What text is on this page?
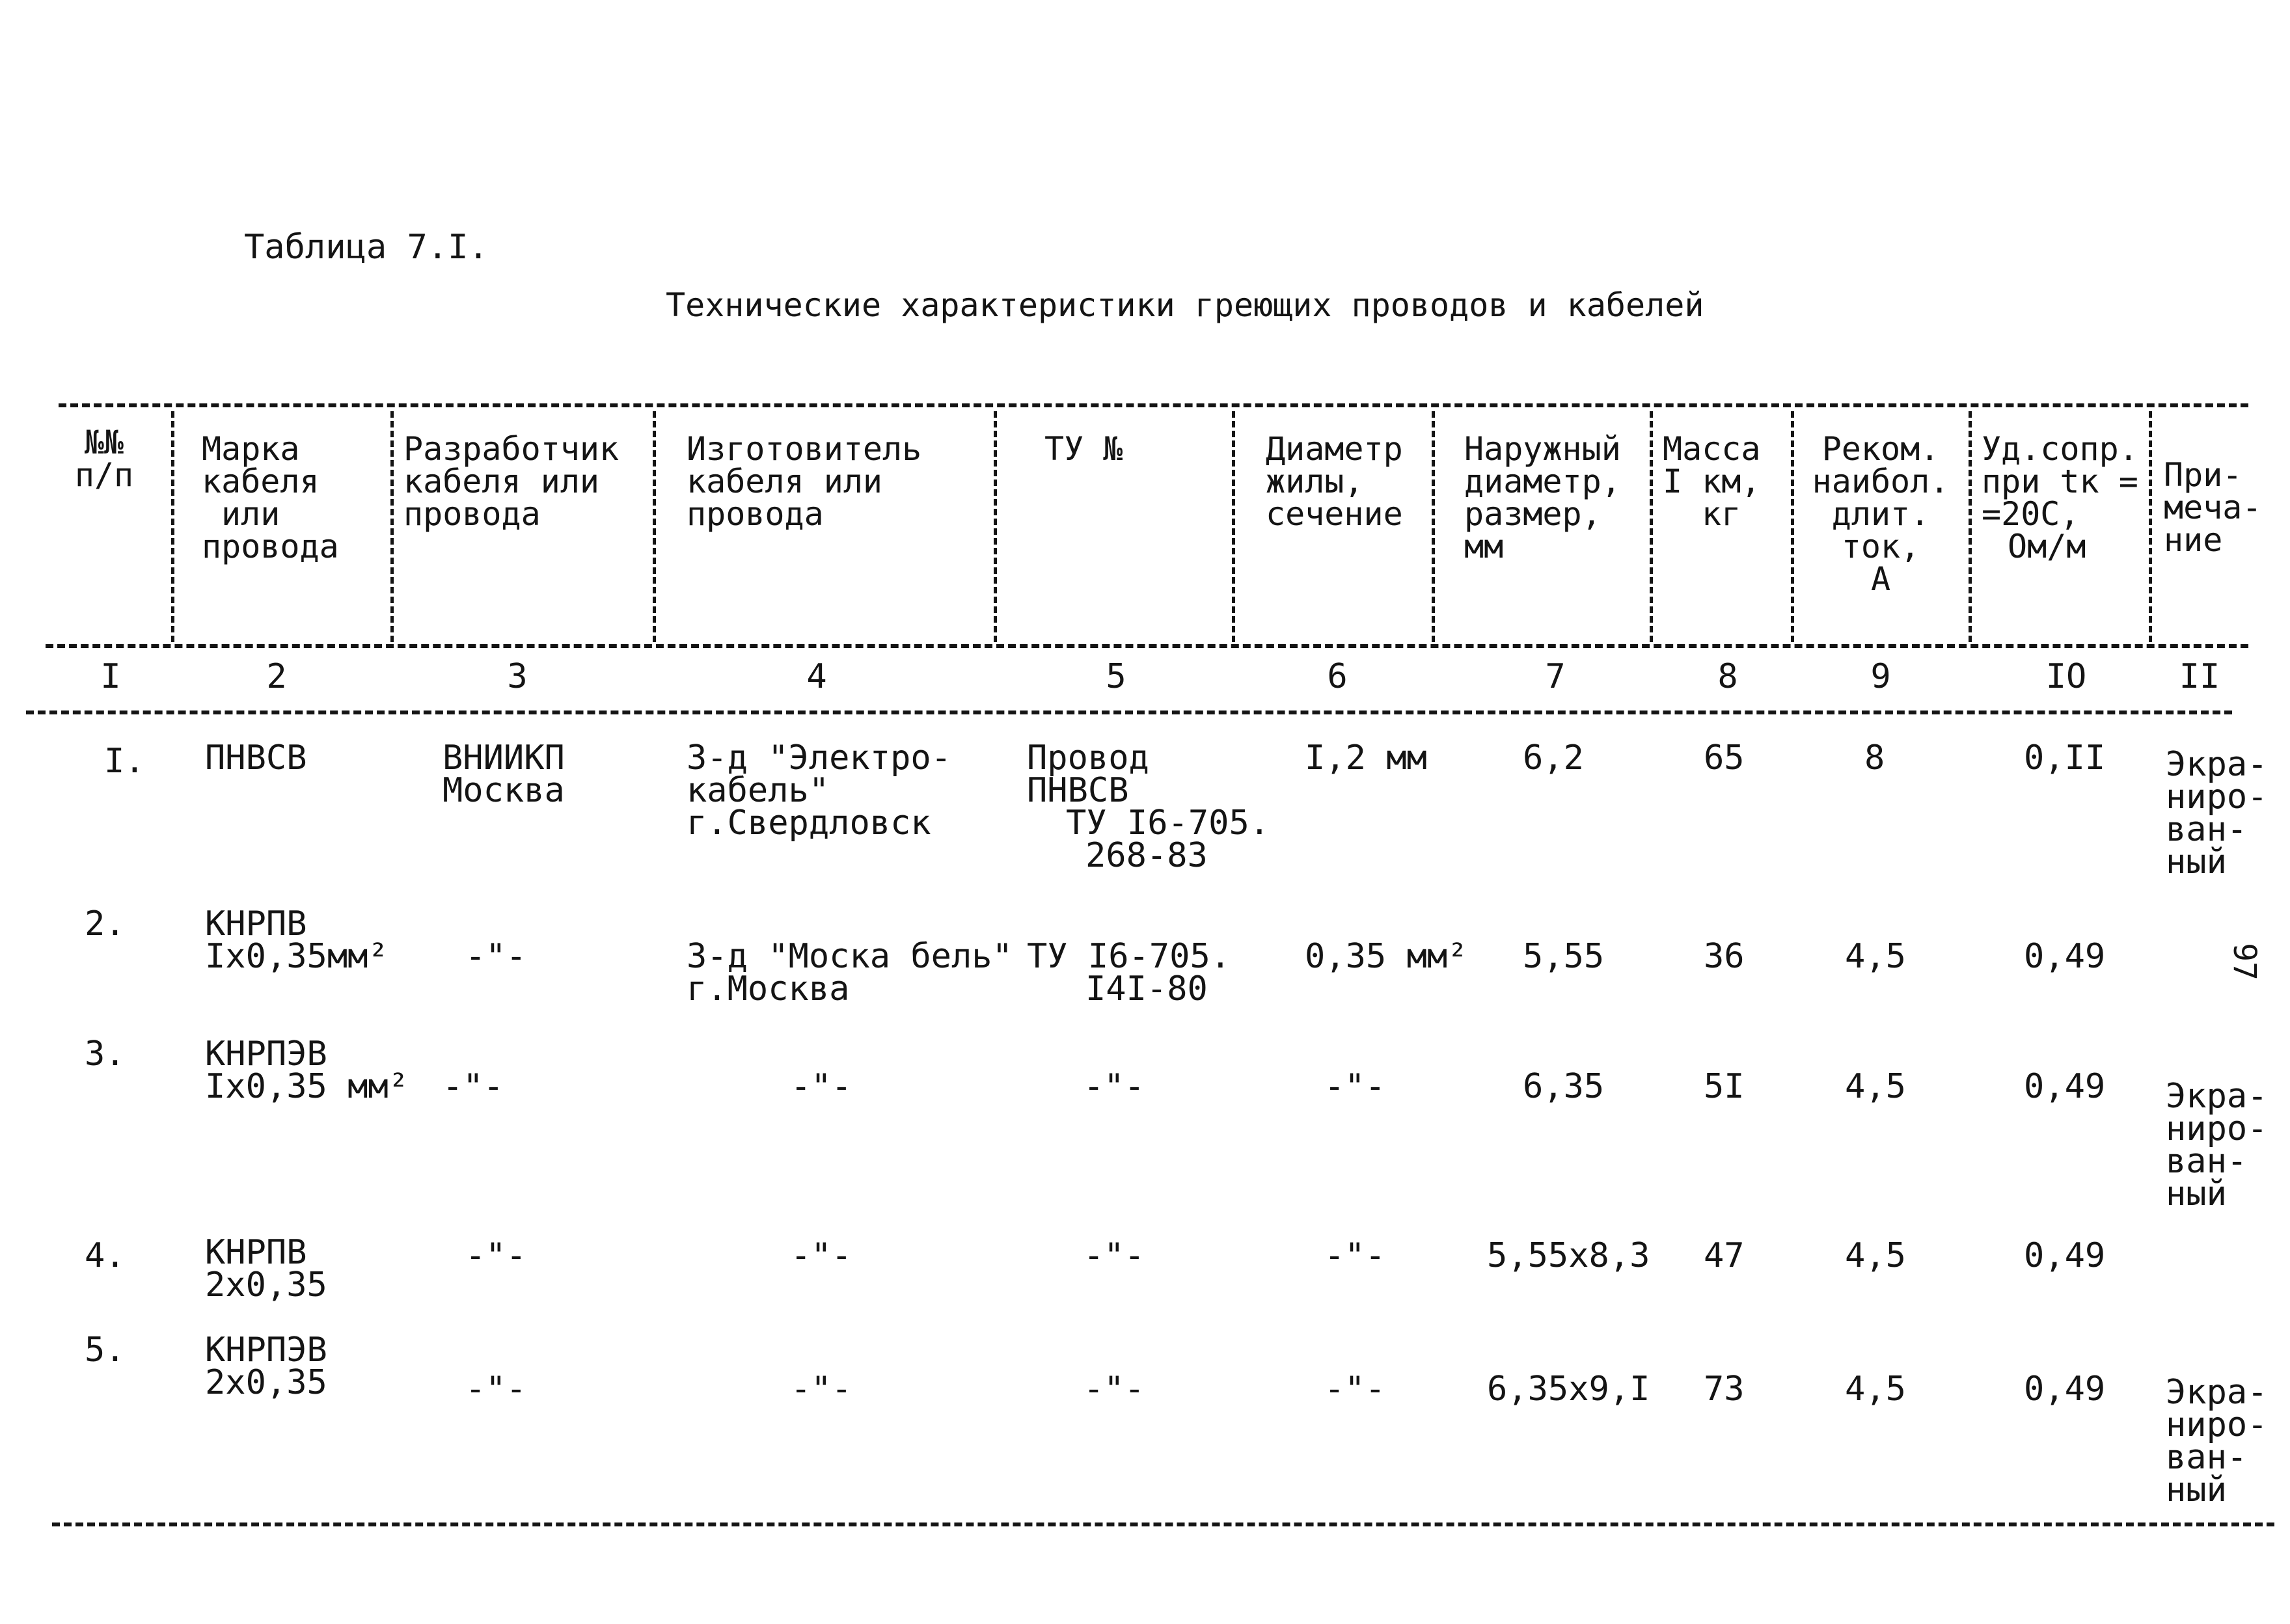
Таблица 7.I.
Технические характеристики греющих проводов и кабелей
№№
п/п
Марка
кабеля
или
провода
Разработчик
кабеля или
провода
Изготовитель
кабеля или
провода
ТУ №	Диаметр
жилы,
сечение
Наружный
диаметр,
размер,
мм
Масса
I км,
кг
Реком.
наибол.
длит.
ток,
А
Уд.сопр.
при tк =
=20С,
Ом/м
При-
мечa-
ние
I	2	3	4	5	6	7	8	9	IO	II
I. ПНВСВ	ВНИИКП
Москва
З-д "Электро-
кабель"
г.Свердловск
Провод
ПНВСВ
ТУ I6-705.
268-83
I,2 мм	6,2	65	8	0,II Экра-
ниро-
ван-
ный
2. КНРПВ
Iх0,35мм² -"-	З-д "Моска бель"
г.Москва
ТУ I6-705.
I4I-80
0,35 мм² 5,55	36	4,5	0,49	97
3. КНРПЭВ
Iх0,35 мм² -"-	-"-	-"-	-"-	6,35	5I	4,5	0,49 Экра-
ниро-
ван-
ный
4. КНРПВ
2х0,35
-"-	-"-	-"-	-"-	5,55х8,3 47	4,5	0,49
5. КНРПЭВ
2х0,35	-"-	-"-	-"-	-"-	6,35х9,I 73	4,5	0,49 Экра-
ниро-
ван-
ный
